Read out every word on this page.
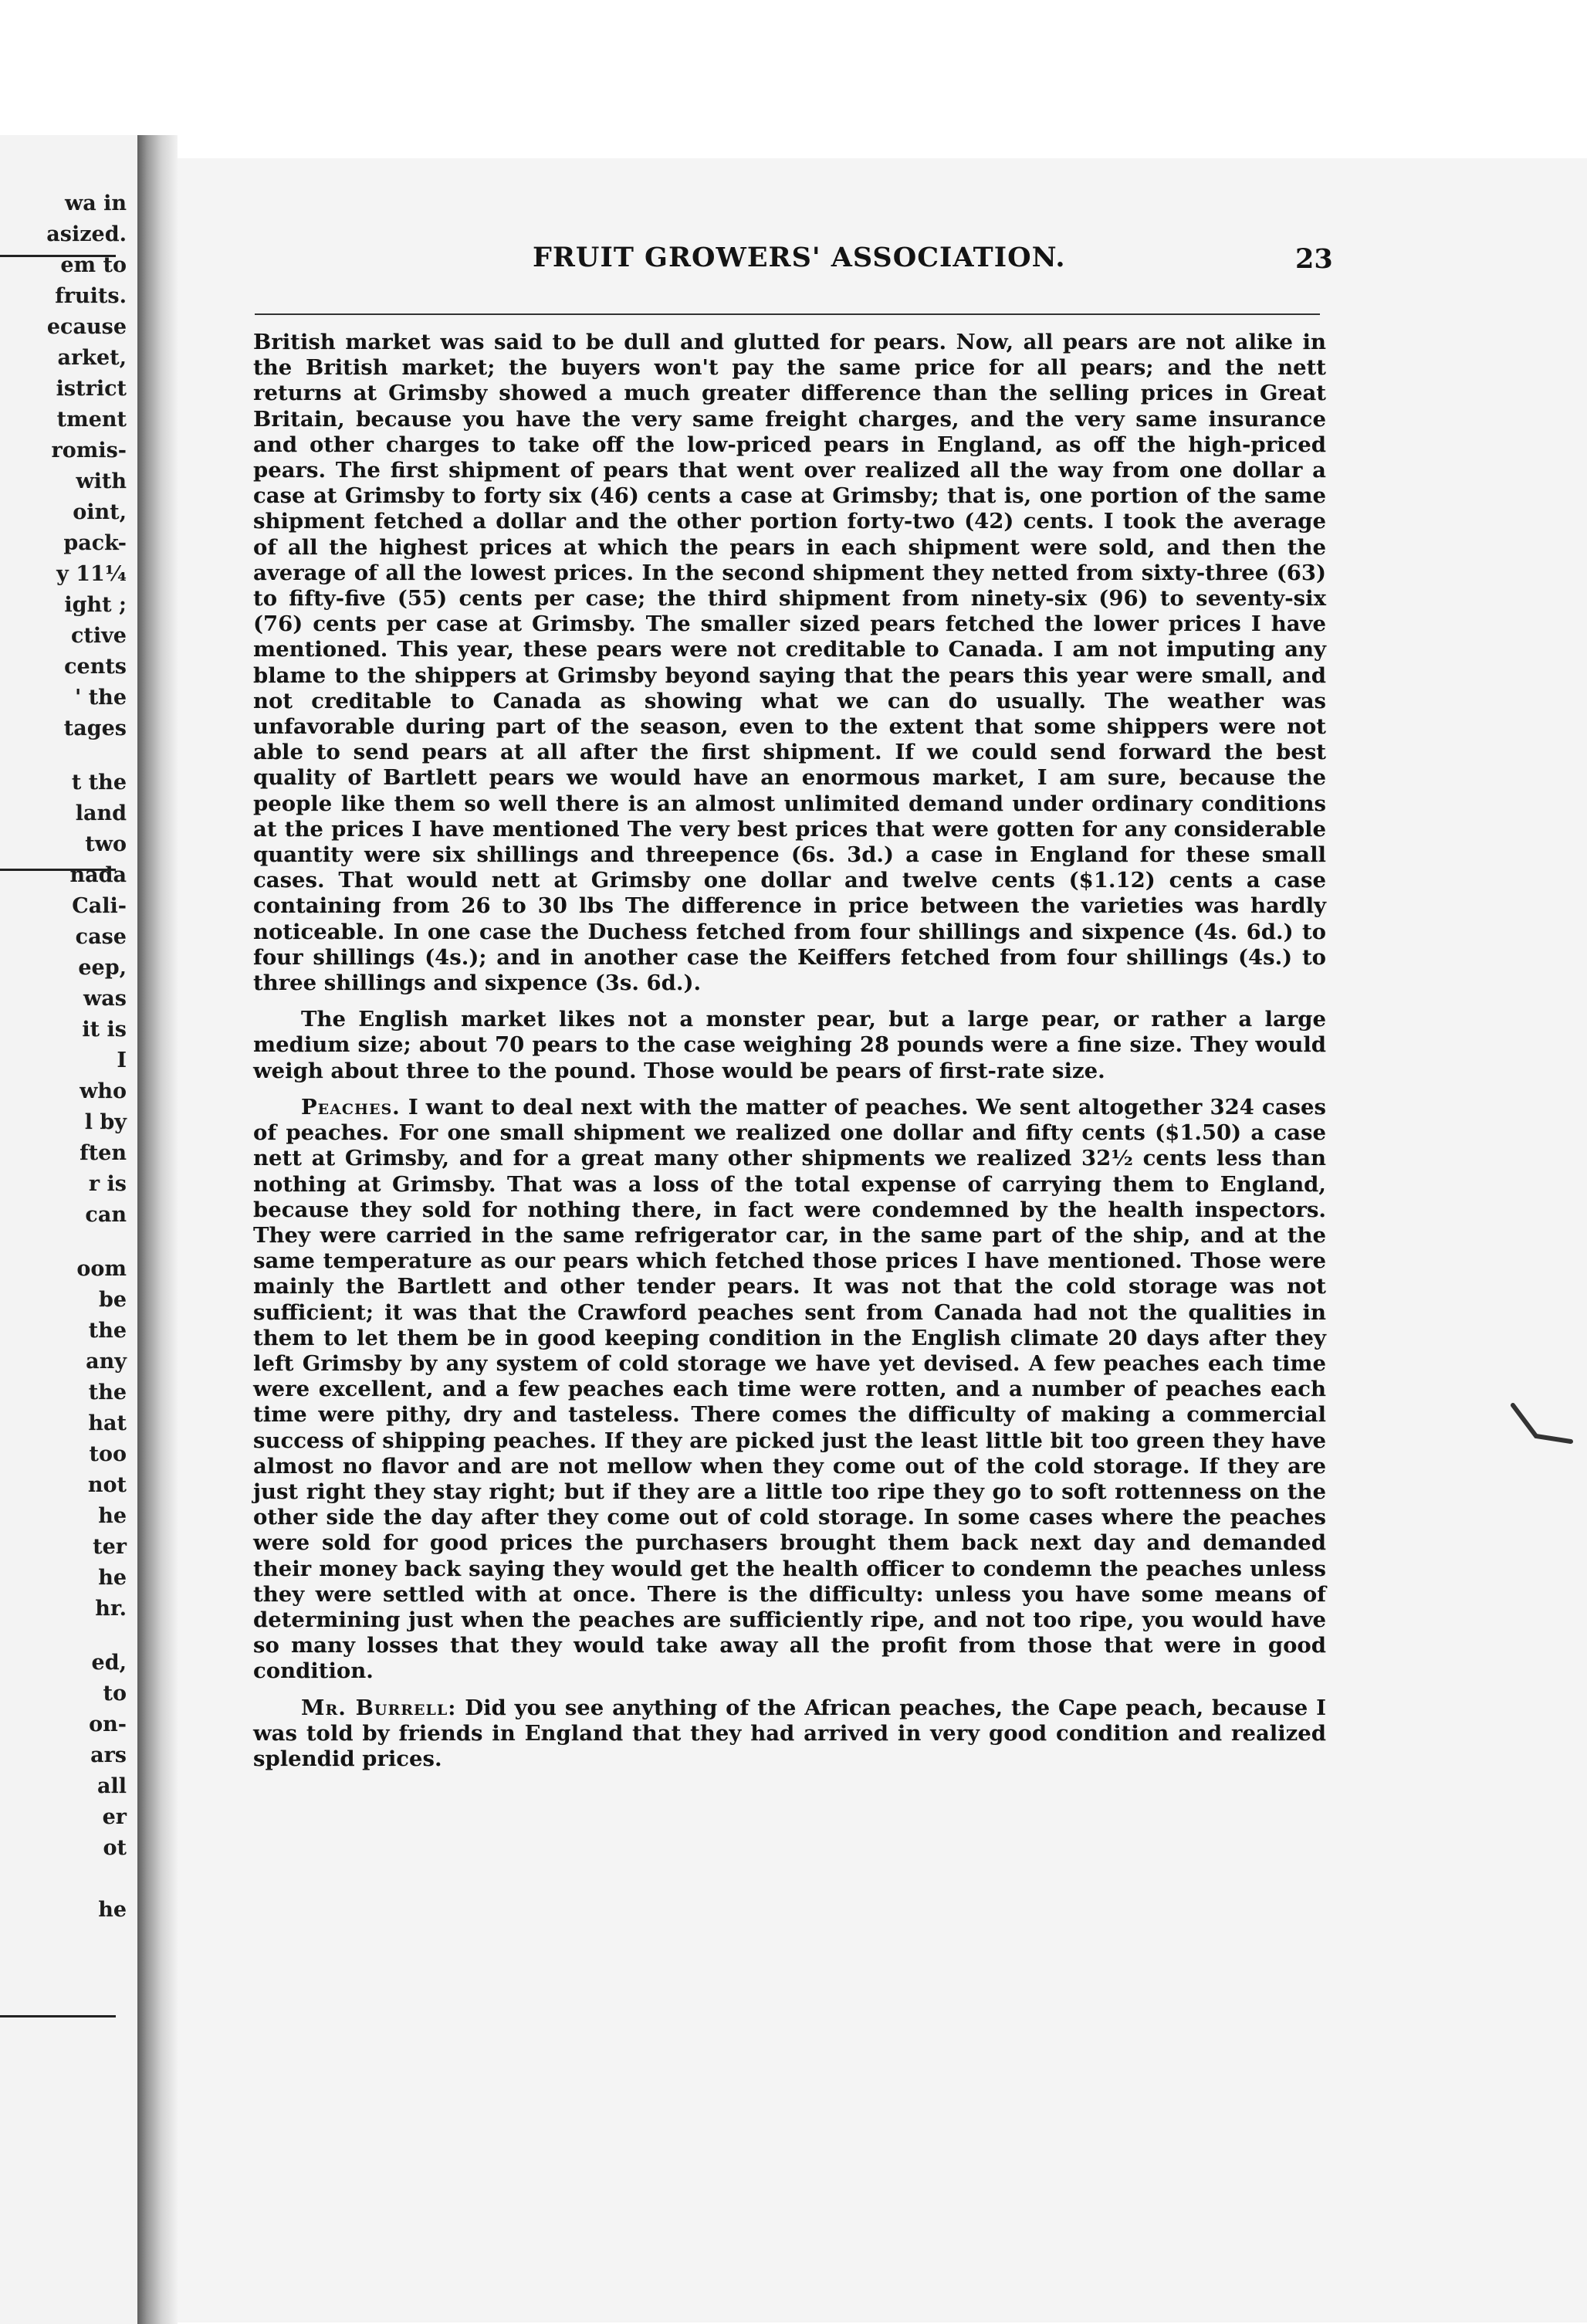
wa in
asized.
em to
fruits.
ecause
arket,
istrict
tment
romis-
with
oint,
pack-
y 11¼
ight ;
ctive
cents
' the
tages
t the
land
two
nada
Cali-
case
eep,
was
it is
I
who
l by
ften
r is
can
oom
be
the
any
the
hat
too
not
he
ter
he
hr.
ed,
to
on-
ars
all
er
ot
he
FRUIT GROWERS' ASSOCIATION.	23

British market was said to be dull and glutted for pears. Now, all pears are not alike in the British market; the buyers won't pay the same price for all pears; and the nett returns at Grimsby showed a much greater difference than the selling prices in Great Britain, because you have the very same freight charges, and the very same insurance and other charges to take off the low-priced pears in England, as off the high-priced pears. The first shipment of pears that went over realized all the way from one dollar a case at Grimsby to forty six (46) cents a case at Grimsby; that is, one portion of the same shipment fetched a dollar and the other portion forty-two (42) cents. I took the average of all the highest prices at which the pears in each shipment were sold, and then the average of all the lowest prices. In the second shipment they netted from sixty-three (63) to fifty-five (55) cents per case; the third shipment from ninety-six (96) to seventy-six (76) cents per case at Grimsby. The smaller sized pears fetched the lower prices I have mentioned. This year, these pears were not creditable to Canada. I am not imputing any blame to the shippers at Grimsby beyond saying that the pears this year were small, and not creditable to Canada as showing what we can do usually. The weather was unfavorable during part of the season, even to the extent that some shippers were not able to send pears at all after the first shipment. If we could send forward the best quality of Bartlett pears we would have an enormous market, I am sure, because the people like them so well there is an almost unlimited demand under ordinary conditions at the prices I have mentioned The very best prices that were gotten for any considerable quantity were six shillings and threepence (6s. 3d.) a case in England for these small cases. That would nett at Grimsby one dollar and twelve cents ($1.12) cents a case containing from 26 to 30 lbs The difference in price between the varieties was hardly noticeable. In one case the Duchess fetched from four shillings and sixpence (4s. 6d.) to four shillings (4s.); and in another case the Keiffers fetched from four shillings (4s.) to three shillings and sixpence (3s. 6d.).

The English market likes not a monster pear, but a large pear, or rather a large medium size; about 70 pears to the case weighing 28 pounds were a fine size. They would weigh about three to the pound. Those would be pears of first-rate size.

Peaches. I want to deal next with the matter of peaches. We sent altogether 324 cases of peaches. For one small shipment we realized one dollar and fifty cents ($1.50) a case nett at Grimsby, and for a great many other shipments we realized 32½ cents less than nothing at Grimsby. That was a loss of the total expense of carrying them to England, because they sold for nothing there, in fact were condemned by the health inspectors. They were carried in the same refrigerator car, in the same part of the ship, and at the same temperature as our pears which fetched those prices I have mentioned. Those were mainly the Bartlett and other tender pears. It was not that the cold storage was not sufficient; it was that the Crawford peaches sent from Canada had not the qualities in them to let them be in good keeping condition in the English climate 20 days after they left Grimsby by any system of cold storage we have yet devised. A few peaches each time were excellent, and a few peaches each time were rotten, and a number of peaches each time were pithy, dry and tasteless. There comes the difficulty of making a commercial success of shipping peaches. If they are picked just the least little bit too green they have almost no flavor and are not mellow when they come out of the cold storage. If they are just right they stay right; but if they are a little too ripe they go to soft rottenness on the other side the day after they come out of cold storage. In some cases where the peaches were sold for good prices the purchasers brought them back next day and demanded their money back saying they would get the health officer to condemn the peaches unless they were settled with at once. There is the difficulty: unless you have some means of determining just when the peaches are sufficiently ripe, and not too ripe, you would have so many losses that they would take away all the profit from those that were in good condition.

Mr. Burrell: Did you see anything of the African peaches, the Cape peach, because I was told by friends in England that they had arrived in very good condition and realized splendid prices.
